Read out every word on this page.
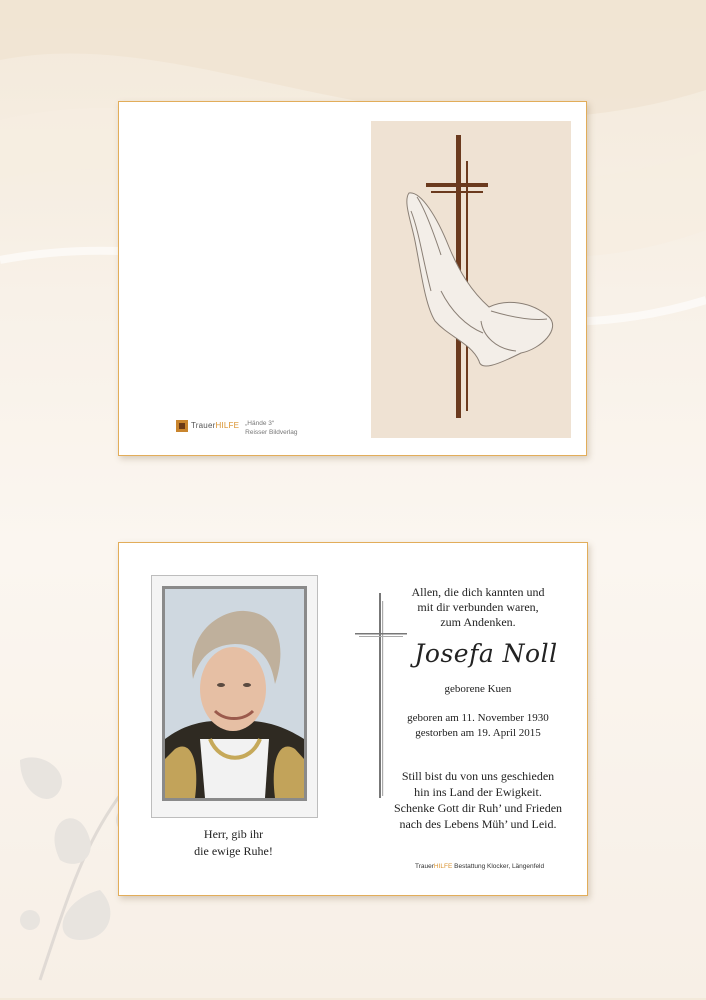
TrauerHILFE „Hände 3“
Reisser Bildverlag
Herr, gib ihr
die ewige Ruhe!
Allen, die dich kannten und
mit dir verbunden waren,
zum Andenken.
Josefa Noll
geborene Kuen
geboren am 11. November 1930
gestorben am 19. April 2015
Still bist du von uns geschieden
hin ins Land der Ewigkeit.
Schenke Gott dir Ruh’ und Frieden
nach des Lebens Müh’ und Leid.
TrauerHILFE Bestattung Klocker, Längenfeld
